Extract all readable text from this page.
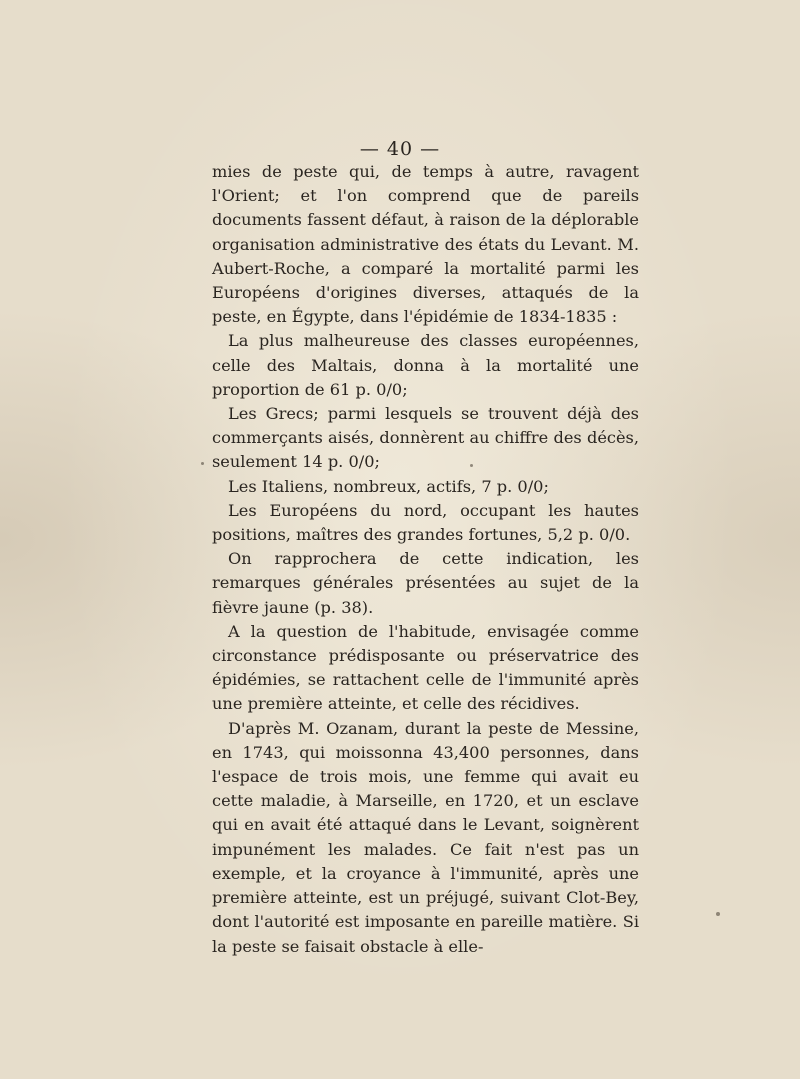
— 40 —

mies de peste qui, de temps à autre, ravagent l'Orient; et l'on comprend que de pareils documents fassent défaut, à raison de la déplorable organisation administrative des états du Levant. M. Aubert-Roche, a comparé la mortalité parmi les Européens d'origines diverses, attaqués de la peste, en Égypte, dans l'épidémie de 1834-1835 :

La plus malheureuse des classes européennes, celle des Maltais, donna à la mortalité une proportion de 61 p. 0/0;

Les Grecs; parmi lesquels se trouvent déjà des commerçants aisés, donnèrent au chiffre des décès, seulement 14 p. 0/0;

Les Italiens, nombreux, actifs, 7 p. 0/0;

Les Européens du nord, occupant les hautes positions, maîtres des grandes fortunes, 5,2 p. 0/0.

On rapprochera de cette indication, les remarques générales présentées au sujet de la fièvre jaune (p. 38).

A la question de l'habitude, envisagée comme circonstance prédisposante ou préservatrice des épidémies, se rattachent celle de l'immunité après une première atteinte, et celle des récidives.

D'après M. Ozanam, durant la peste de Messine, en 1743, qui moissonna 43,400 personnes, dans l'espace de trois mois, une femme qui avait eu cette maladie, à Marseille, en 1720, et un esclave qui en avait été attaqué dans le Levant, soignèrent impunément les malades. Ce fait n'est pas un exemple, et la croyance à l'immunité, après une première atteinte, est un préjugé, suivant Clot-Bey, dont l'autorité est imposante en pareille matière. Si la peste se faisait obstacle à elle-
